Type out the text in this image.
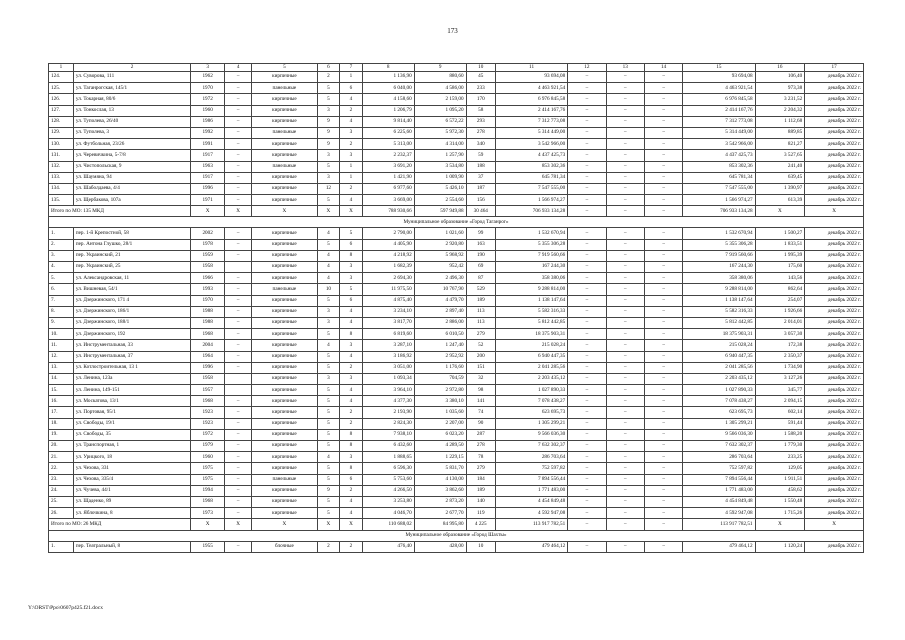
173
1	2	3	4	5	6	7	8	9	10	11	12	13	14	15	16	17
124.	ул. Суворова, 111	1962	–	кирпичные	2	1	1 136,90	880,60	45	93 694,08	–	–	–	93 694,08	106,40	декабрь 2022 г.
125.	ул. Таганрогская, 145/1	1970	–	панельные	5	6	6 040,00	4 586,00	233	4 463 921,54	–	–	–	4 463 921,54	973,38	декабрь 2022 г.
126.	ул. Токарная, 80/6	1972	–	кирпичные	5	4	4 158,60	2 159,00	170	6 976 845,58	–	–	–	6 976 845,58	3 231,52	декабрь 2022 г.
127.	ул. Тонкослая, 13	1960	–	кирпичные	3	2	1 206,79	1 095,20	58	2 414 167,76	–	–	–	2 414 167,76	2 204,32	декабрь 2022 г.
128.	ул. Туполева, 26/40	1986	–	кирпичные	9	4	9 814,40	6 572,22	293	7 312 773,08	–	–	–	7 312 773,08	1 112,68	декабрь 2022 г.
129.	ул. Туполева, 3	1992	–	панельные	9	3	6 225,60	5 972,30	278	5 314 449,00	–	–	–	5 314 449,00	889,85	декабрь 2022 г.
130.	ул. Футбольная, 23/26	1991	–	кирпичные	9	2	5 313,00	4 314,00	340	3 542 966,00	–	–	–	3 542 966,00	821,27	декабрь 2022 г.
131.	ул. Черевичкина, 5-7/8	1917	–	кирпичные	3	3	2 232,37	1 257,90	59	4 437 425,73	–	–	–	4 437 425,73	3 527,65	декабрь 2022 г.
132.	ул. Чистопольская, 9	1963	–	панельные	5	1	3 691,20	3 534,80	188	853 302,36	–	–	–	853 302,36	241,40	декабрь 2022 г.
133.	ул. Шаумяна, 94	1917	–	кирпичные	3	1	1 421,90	1 009,90	37	645 781,34	–	–	–	645 781,34	639,45	декабрь 2022 г.
134.	ул. Шаболдаева, 4/4	1996	–	кирпичные	12	2	6 977,60	5 426,10	187	7 547 555,00	–	–	–	7 547 555,00	1 390,97	декабрь 2022 г.
135.	ул. Щербакова, 107а	1971	–	кирпичные	5	4	3 669,00	2 554,60	156	1 566 974,27	–	–	–	1 566 974,27	613,39	декабрь 2022 г.
Итого по МО: 135 МКД		X	X	X	X	X	788 930,66	597 949,88	30 464	706 933 134,28	–	–	–	706 933 134,28	X	X
Муниципальное образование «Город Таганрог»																
1.	пер. 1-й Крепостной, 58	2002	–	кирпичные	4	5	2 790,00	1 021,60	99	1 532 670,94	–	–	–	1 532 670,94	1 500,27	декабрь 2022 г.
2.	пер. Антона Глушко, 28/1	1978	–	кирпичные	5	6	4 405,90	2 920,80	163	5 355 306,28	–	–	–	5 355 306,28	1 833,51	декабрь 2022 г.
3.	пер. Украинский, 21	1959	–	кирпичные	4	8	4 218,92	5 968,92	190	7 919 560,66	–	–	–	7 919 560,66	1 995,39	декабрь 2022 г.
4.	пер. Украинский, 25	1958		кирпичные	4	3	1 682,39	952,42	69	167 244,30	–	–	–	167 244,30	175,60	декабрь 2022 г.
5.	ул. Александровская, 11	1966	–	кирпичные	4	3	2 694,30	2 496,30	87	358 380,06	–	–	–	358 380,06	143,56	декабрь 2022 г.
6.	ул. Вишневая, 54/1	1993	–	панельные	10	5	11 975,50	10 767,90	529	9 288 814,00	–	–	–	9 288 814,00	862,64	декабрь 2022 г.
7.	ул. Дзержинского, 171 4	1970	–	кирпичные	5	6	4 875,40	4 479,70	189	1 138 147,64	–	–	–	1 138 147,64	254,07	декабрь 2022 г.
8.	ул. Дзержинского, 186/1	1988	–	кирпичные	3	4	3 234,10	2 897,40	113	5 582 316,33	–	–	–	5 582 316,33	1 926,66	декабрь 2022 г.
9.	ул. Дзержинского, 188/1	1988	–	кирпичные	3	4	3 817,70	2 886,00	113	5 812 442,85	–	–	–	5 812 442,85	2 014,01	декабрь 2022 г.
10.	ул. Дзержинского, 192	1968	–	кирпичные	5	8	6 819,60	6 010,50	279	18 375 903,31	–	–	–	18 375 903,31	3 057,30	декабрь 2022 г.
11.	ул. Инструментальная, 33	2004	–	кирпичные	4	3	3 287,10	1 247,40	52	215 028,24	–	–	–	215 028,24	172,38	декабрь 2022 г.
12.	ул. Инструментальная, 37	1964	–	кирпичные	5	4	3 186,92	2 952,92	200	6 940 447,35	–	–	–	6 940 447,35	2 350,37	декабрь 2022 г.
13.	ул. Котлостроительная, 13 1	1996	–	кирпичные	5	2	3 051,00	1 176,60	151	2 041 285,56	–	–	–	2 041 285,56	1 734,90	декабрь 2022 г.
14.	ул. Ленина, 123а	1958		кирпичные	3	3	1 093,34	704,59	32	2 203 435,12	–	–	–	2 203 435,12	3 127,26	декабрь 2022 г.
15.	ул. Ленина, 149-151	1957		кирпичные	5	4	3 964,10	2 972,80	98	1 027 890,33	–	–	–	1 027 890,33	345,77	декабрь 2022 г.
16.	ул. Москатова, 13/1	1968	–	кирпичные	5	4	4 377,30	3 380,10	141	7 078 438,27	–	–	–	7 078 438,27	2 094,15	декабрь 2022 г.
17.	ул. Портовая, 95/1	1923	–	кирпичные	5	2	2 193,90	1 035,60	74	623 695,73	–	–	–	623 695,73	602,14	декабрь 2022 г.
18.	ул. Свободы, 19/1	1923	–	кирпичные	5	2	2 824,30	2 207,00	90	1 305 299,21	–	–	–	1 305 299,21	591,44	декабрь 2022 г.
19.	ул. Свободы, 35	1972	–	кирпичные	5	8	7 938,10	6 023,20	287	9 566 036,30	–	–	–	9 566 036,30	1 588,20	декабрь 2022 г.
20.	ул. Транспортная, 1	1979	–	кирпичные	5	8	6 432,60	4 289,50	278	7 632 302,37	–	–	–	7 632 302,37	1 779,30	декабрь 2022 г.
21.	ул. Урицкого, 18	1960	–	кирпичные	4	3	1 888,65	1 229,15	78	286 703,64	–	–	–	286 703,64	233,25	декабрь 2022 г.
22.	ул. Чехова, 331	1975	–	кирпичные	5	8	6 596,30	5 831,70	279	752 597,82	–	–	–	752 597,82	129,05	декабрь 2022 г.
23.	ул. Чехова, 335/4	1975	–	панельные	5	6	5 753,60	4 130,00	184	7 894 556,44	–	–	–	7 894 556,44	1 911,51	декабрь 2022 г.
24.	ул. Чучева, 44/1	1994	–	кирпичные	9	2	4 266,50	3 862,60	189	1 771 483,00	–	–	–	1 771 483,00	458,62	декабрь 2022 г.
25.	ул. Щаденко, 89	1968	–	кирпичные	5	4	3 253,80	2 873,20	140	4 454 849,48	–	–	–	4 454 849,48	1 550,48	декабрь 2022 г.
26.	ул. Яблочкина, 8	1973	–	кирпичные	5	4	4 046,70	2 677,70	119	4 592 947,08	–	–	–	4 592 947,08	1 715,26	декабрь 2022 г.
Итого по МО: 26 МКД		X	X	X	X	X	110 688,02	84 995,80	4 225	113 917 782,51	–	–	–	113 917 782,51	X	X
Муниципальное образование «Город Шахты»																
1.	пер. Театральный, 8	1955	–	блочные	2	2	476,40	428,00	10	479 464,12	–	–	–	479 464,12	1 120,24	декабрь 2022 г.
Y:\ORST\Ppo\0607p425.f21.docx
